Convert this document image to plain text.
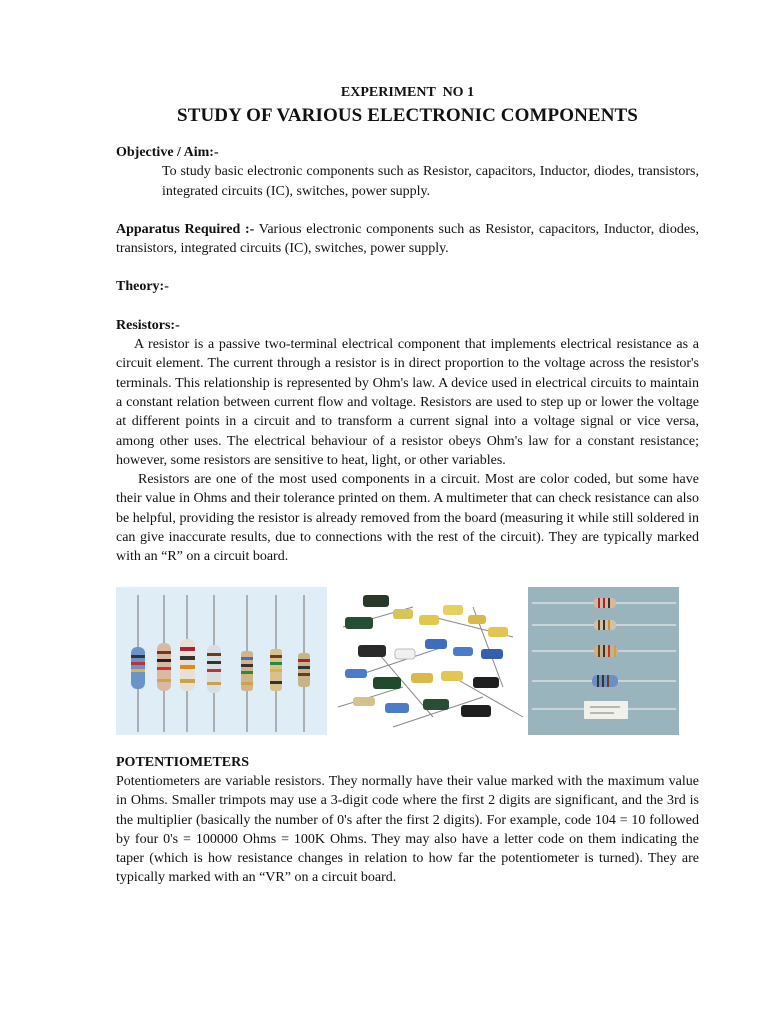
EXPERIMENT  NO 1

STUDY OF VARIOUS ELECTRONIC COMPONENTS

Objective / Aim:-

To study basic electronic components such as Resistor, capacitors, Inductor, diodes, transistors, integrated circuits (IC), switches, power supply.

Apparatus Required :- Various electronic components such as Resistor, capacitors, Inductor, diodes, transistors, integrated circuits (IC), switches, power supply.

Theory:-

Resistors:-

A resistor is a passive two-terminal electrical component that implements electrical resistance as a circuit element. The current through a resistor is in direct proportion to the voltage across the resistor's terminals. This relationship is represented by Ohm's law. A device used in electrical circuits to maintain a constant relation between current flow and voltage. Resistors are used to step up or lower the voltage at different points in a circuit and to transform a current signal into a voltage signal or vice versa, among other uses. The electrical behaviour of a resistor obeys Ohm's law for a constant resistance; however, some resistors are sensitive to heat, light, or other variables.

Resistors are one of the most used components in a circuit. Most are color coded, but some have their value in Ohms and their tolerance printed on them. A multimeter that can check resistance can also be helpful, providing the resistor is already removed from the board (measuring it while still soldered in can give inaccurate results, due to connections with the rest of the circuit). They are typically marked with an “R” on a circuit board.

POTENTIOMETERS

Potentiometers are variable resistors. They normally have their value marked with the maximum value in Ohms. Smaller trimpots may use a 3-digit code where the first 2 digits are significant, and the 3rd is the multiplier (basically the number of 0's after the first 2 digits). For example, code 104 = 10 followed by four 0's = 100000 Ohms = 100K Ohms. They may also have a letter code on them indicating the taper (which is how resistance changes in relation to how far the potentiometer is turned). They are typically marked with an “VR” on a circuit board.
